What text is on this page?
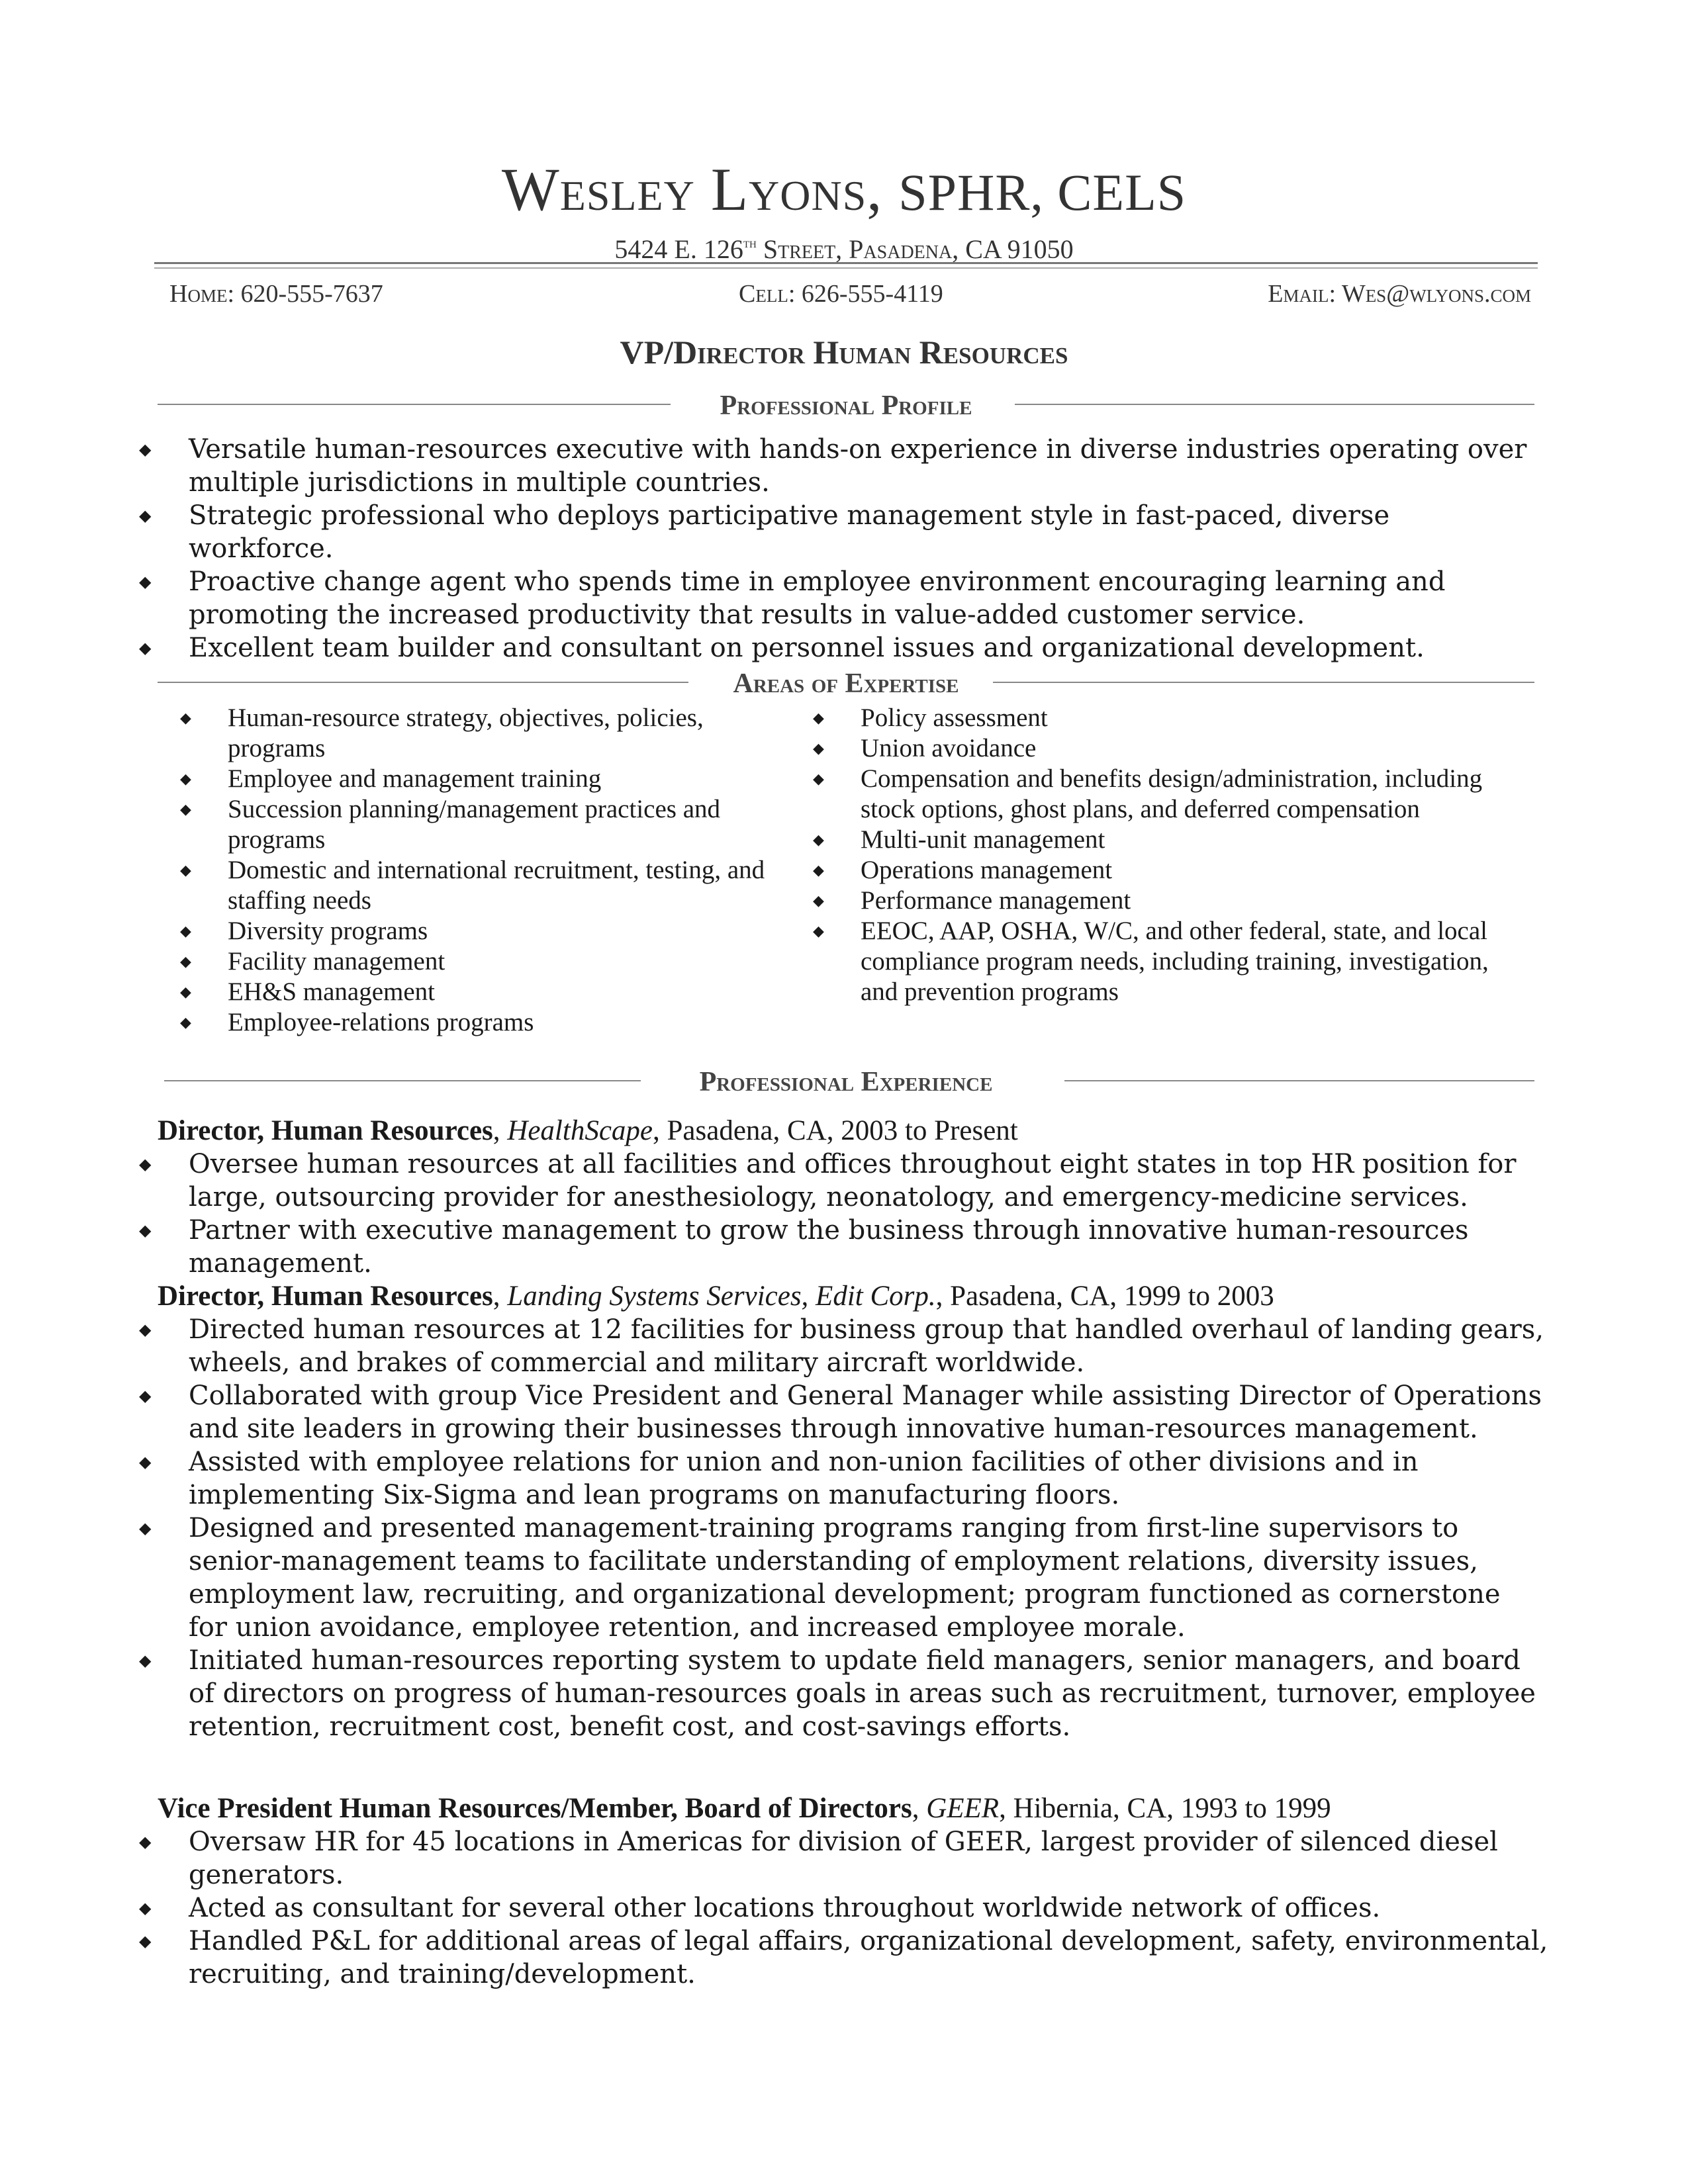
Wesley Lyons, SPHR, CELS
5424 E. 126th Street, Pasadena, CA 91050
Home: 620-555-7637	Cell: 626-555-4119	Email: Wes@wlyons.com
VP/Director Human Resources
Professional Profile
◆ Versatile human-resources executive with hands-on experience in diverse industries operating over multiple jurisdictions in multiple countries.
◆ Strategic professional who deploys participative management style in fast-paced, diverse workforce.
◆ Proactive change agent who spends time in employee environment encouraging learning and promoting the increased productivity that results in value-added customer service.
◆ Excellent team builder and consultant on personnel issues and organizational development.
Areas of Expertise
◆ Human-resource strategy, objectives, policies, programs
◆ Employee and management training
◆ Succession planning/management practices and programs
◆ Domestic and international recruitment, testing, and staffing needs
◆ Diversity programs
◆ Facility management
◆ EH&S management
◆ Employee-relations programs
◆ Policy assessment
◆ Union avoidance
◆ Compensation and benefits design/administration, including stock options, ghost plans, and deferred compensation
◆ Multi-unit management
◆ Operations management
◆ Performance management
◆ EEOC, AAP, OSHA, W/C, and other federal, state, and local compliance program needs, including training, investigation, and prevention programs
Professional Experience
Director, Human Resources, HealthScape, Pasadena, CA, 2003 to Present
◆ Oversee human resources at all facilities and offices throughout eight states in top HR position for large, outsourcing provider for anesthesiology, neonatology, and emergency-medicine services.
◆ Partner with executive management to grow the business through innovative human-resources management.
Director, Human Resources, Landing Systems Services, Edit Corp., Pasadena, CA, 1999 to 2003
◆ Directed human resources at 12 facilities for business group that handled overhaul of landing gears, wheels, and brakes of commercial and military aircraft worldwide.
◆ Collaborated with group Vice President and General Manager while assisting Director of Operations and site leaders in growing their businesses through innovative human-resources management.
◆ Assisted with employee relations for union and non-union facilities of other divisions and in implementing Six-Sigma and lean programs on manufacturing floors.
◆ Designed and presented management-training programs ranging from first-line supervisors to senior-management teams to facilitate understanding of employment relations, diversity issues, employment law, recruiting, and organizational development; program functioned as cornerstone for union avoidance, employee retention, and increased employee morale.
◆ Initiated human-resources reporting system to update field managers, senior managers, and board of directors on progress of human-resources goals in areas such as recruitment, turnover, employee retention, recruitment cost, benefit cost, and cost-savings efforts.
Vice President Human Resources/Member, Board of Directors, GEER, Hibernia, CA, 1993 to 1999
◆ Oversaw HR for 45 locations in Americas for division of GEER, largest provider of silenced diesel generators.
◆ Acted as consultant for several other locations throughout worldwide network of offices.
◆ Handled P&L for additional areas of legal affairs, organizational development, safety, environmental, recruiting, and training/development.
